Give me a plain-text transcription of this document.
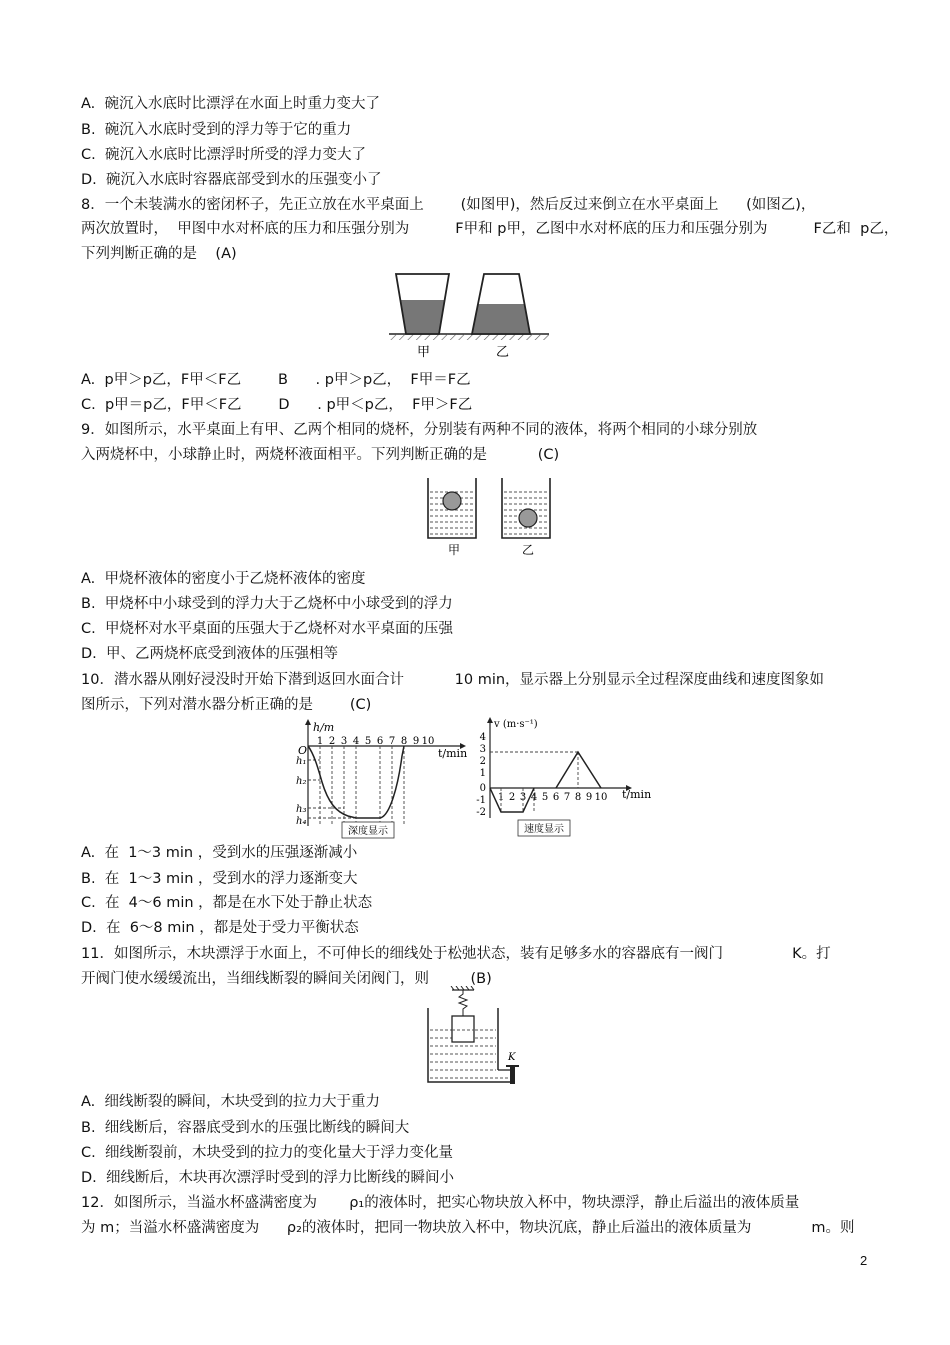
A.  碗沉入水底时比漂浮在水面上时重力变大了
B.  碗沉入水底时受到的浮力等于它的重力
C.  碗沉入水底时比漂浮时所受的浮力变大了
D.  碗沉入水底时容器底部受到水的压强变小了
8．一个未装满水的密闭杯子，先正立放在水平桌面上        (如图甲)，然后反过来倒立在水平桌面上      (如图乙)，
两次放置时，  甲图中水对杯底的压力和压强分别为          F甲和 p甲，乙图中水对杯底的压力和压强分别为          F乙和  p乙，
下列判断正确的是    (A)
甲	乙
A.  p甲＞p乙，F甲＜F乙        B      . p甲＞p乙，  F甲＝F乙
C.  p甲＝p乙，F甲＜F乙        D      . p甲＜p乙，  F甲＞F乙
9．如图所示，水平桌面上有甲、乙两个相同的烧杯，分别装有两种不同的液体，将两个相同的小球分别放
入两烧杯中，小球静止时，两烧杯液面相平。下列判断正确的是           (C)
甲	乙
A.  甲烧杯液体的密度小于乙烧杯液体的密度
B.  甲烧杯中小球受到的浮力大于乙烧杯中小球受到的浮力
C.  甲烧杯对水平桌面的压强大于乙烧杯对水平桌面的压强
D.  甲、乙两烧杯底受到液体的压强相等
10．潜水器从刚好浸没时开始下潜到返回水面合计           10 min，显示器上分别显示全过程深度曲线和速度图象如
图所示，下列对潜水器分析正确的是        (C)
h/m
O	t/min
1 2 3 4 5 6 7 8 9 10
h₁
h₂
h₃
h₄
深度显示
v (m·s⁻¹)
t/min
4
3
2
1
0
-1
-2
1 2 3 4 5 6 7 8 9 10
速度显示
A.  在  1～3 min ，受到水的压强逐渐减小
B.  在  1～3 min ，受到水的浮力逐渐变大
C.  在  4～6 min ，都是在水下处于静止状态
D.  在  6～8 min ，都是处于受力平衡状态
11．如图所示，木块漂浮于水面上，不可伸长的细线处于松弛状态，装有足够多水的容器底有一阀门               K。打
开阀门使水缓缓流出，当细线断裂的瞬间关闭阀门，则         (B)
K
A.  细线断裂的瞬间，木块受到的拉力大于重力
B.  细线断后，容器底受到水的压强比断线的瞬间大
C.  细线断裂前，木块受到的拉力的变化量大于浮力变化量
D.  细线断后，木块再次漂浮时受到的浮力比断线的瞬间小
12．如图所示，当溢水杯盛满密度为       ρ₁的液体时，把实心物块放入杯中，物块漂浮，静止后溢出的液体质量
为 m；当溢水杯盛满密度为      ρ₂的液体时，把同一物块放入杯中，物块沉底，静止后溢出的液体质量为             m。则
2
